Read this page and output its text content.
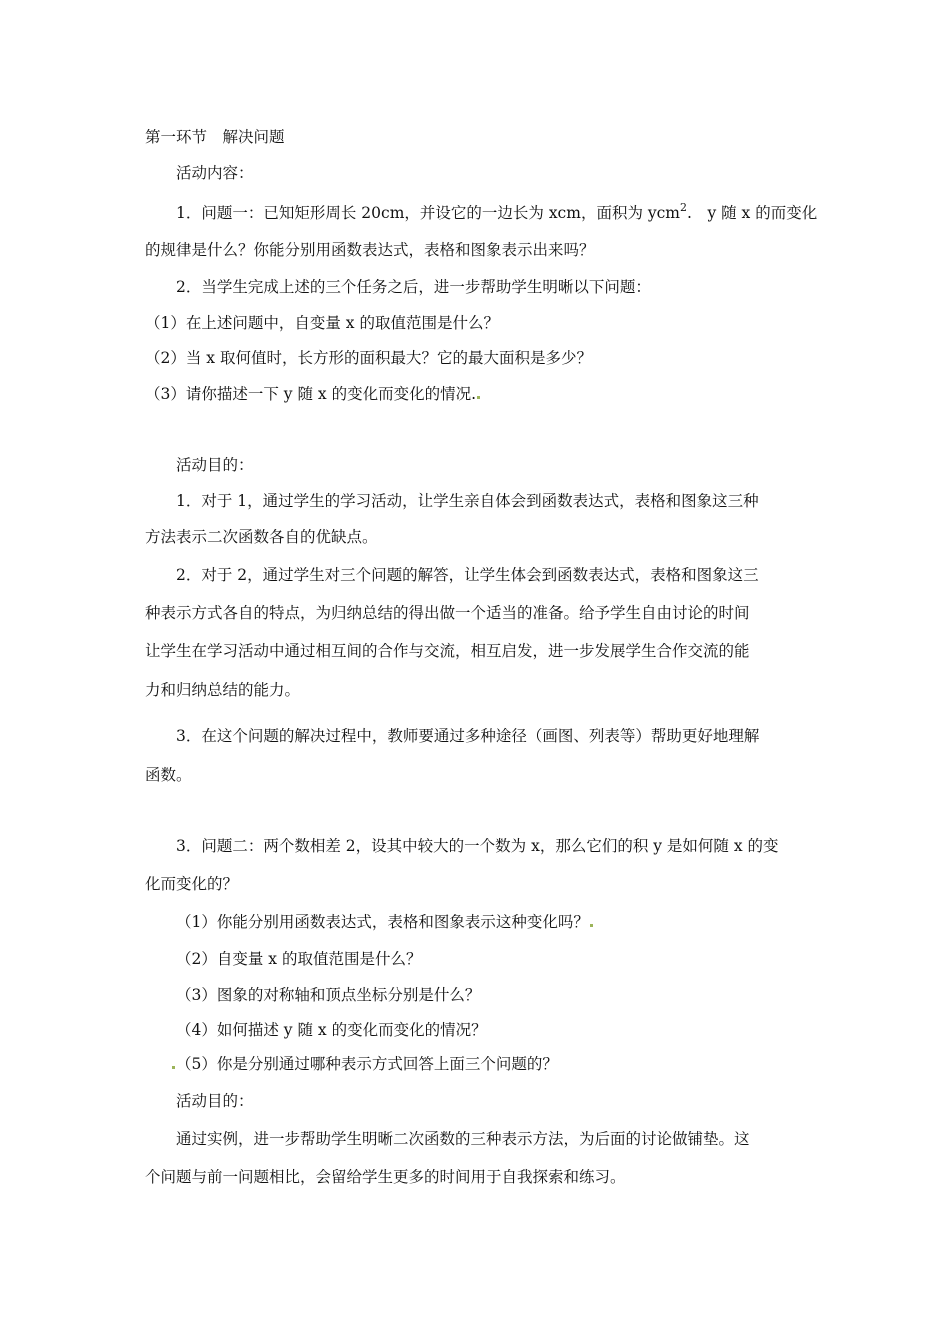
第一环节　解决问题
活动内容：
1．问题一：已知矩形周长 20cm，并设它的一边长为 xcm，面积为 ycm$^2$.　y 随 x 的而变化
的规律是什么？你能分别用函数表达式，表格和图象表示出来吗？
2．当学生完成上述的三个任务之后，进一步帮助学生明晰以下问题：
（1）在上述问题中，自变量 x 的取值范围是什么？
（2）当 x 取何值时，长方形的面积最大？它的最大面积是多少？
（3）请你描述一下 y 随 x 的变化而变化的情况.
活动目的：
1．对于 1，通过学生的学习活动，让学生亲自体会到函数表达式，表格和图象这三种
方法表示二次函数各自的优缺点。
2．对于 2，通过学生对三个问题的解答，让学生体会到函数表达式，表格和图象这三
种表示方式各自的特点，为归纳总结的得出做一个适当的准备。给予学生自由讨论的时间
让学生在学习活动中通过相互间的合作与交流，相互启发，进一步发展学生合作交流的能
力和归纳总结的能力。
3．在这个问题的解决过程中，教师要通过多种途径（画图、列表等）帮助更好地理解
函数。
3．问题二：两个数相差 2，设其中较大的一个数为 x，那么它们的积 y 是如何随 x 的变
化而变化的？
（1）你能分别用函数表达式，表格和图象表示这种变化吗？
（2）自变量 x 的取值范围是什么？
（3）图象的对称轴和顶点坐标分别是什么？
（4）如何描述 y 随 x 的变化而变化的情况？
（5）你是分别通过哪种表示方式回答上面三个问题的？
活动目的：
通过实例，进一步帮助学生明晰二次函数的三种表示方法，为后面的讨论做铺垫。这
个问题与前一问题相比，会留给学生更多的时间用于自我探索和练习。
